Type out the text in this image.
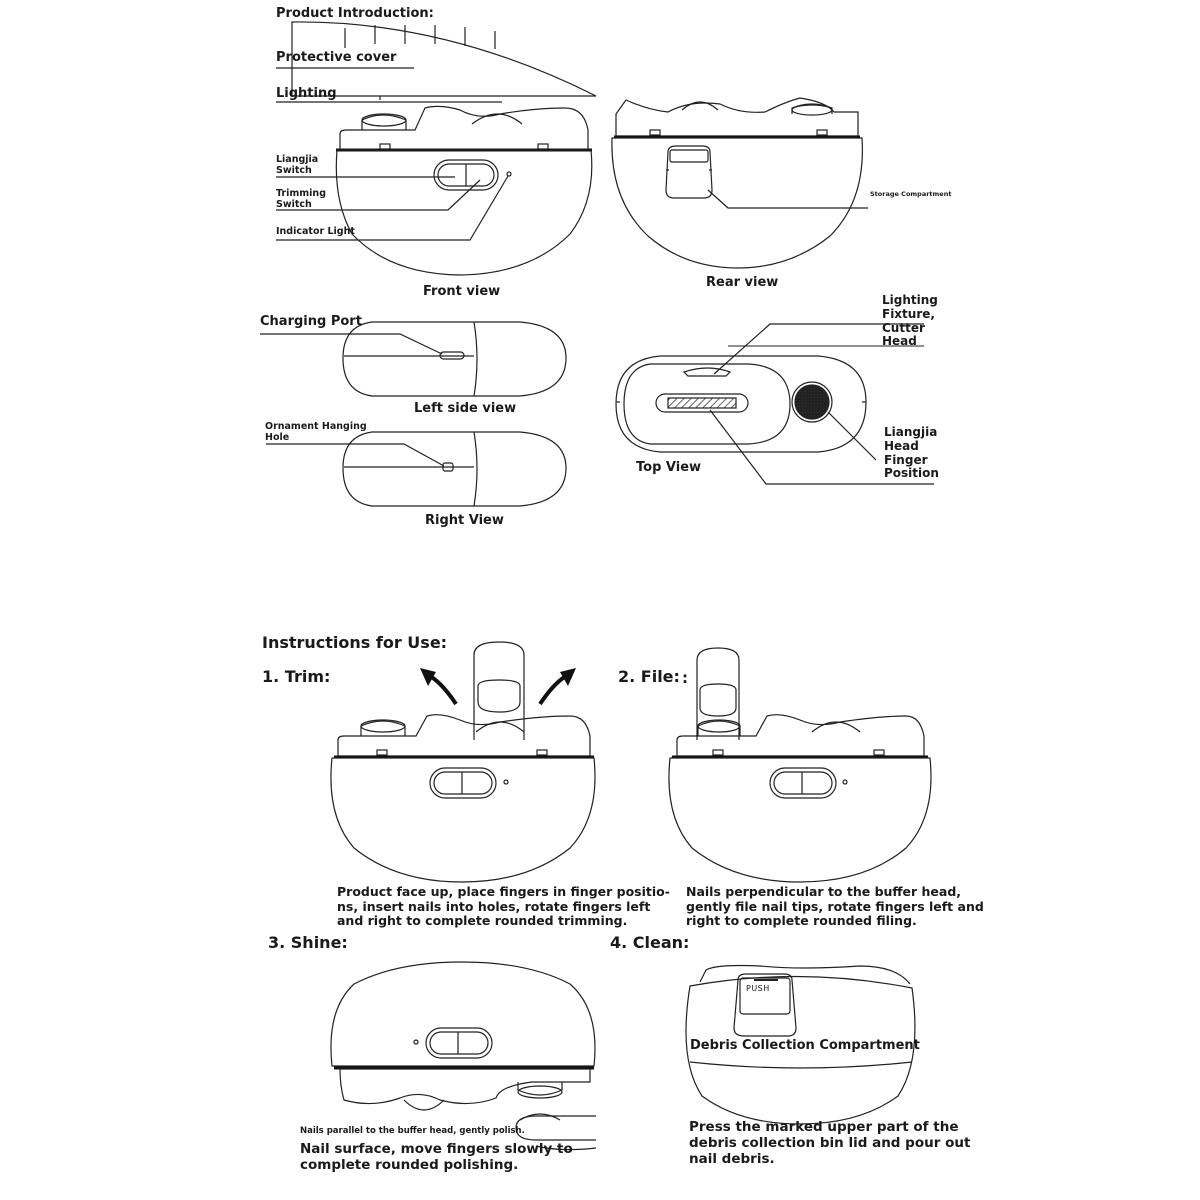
Product Introduction:
Protective cover
Lighting
Liangjia
Switch
Trimming
Switch
Indicator Light
Front view
Storage Compartment
Rear view
Charging Port
Left side view
Ornament Hanging
Hole
Right View
Lighting
Fixture,
Cutter
Head
Liangjia
Head
Finger
Position
Top View
Instructions for Use:
1. Trim:	2. File: :
Product face up, place fingers in finger positio-
ns, insert nails into holes, rotate fingers left
and right to complete rounded trimming.
Nails perpendicular to the buffer head,
gently file nail tips, rotate fingers left and
right to complete rounded filing.
3. Shine:	4. Clean:
PUSH
Debris Collection Compartment
Nails parallel to the buffer head, gently polish.
Nail surface, move fingers slowly to
complete rounded polishing.
Press the marked upper part of the
debris collection bin lid and pour out
nail debris.
